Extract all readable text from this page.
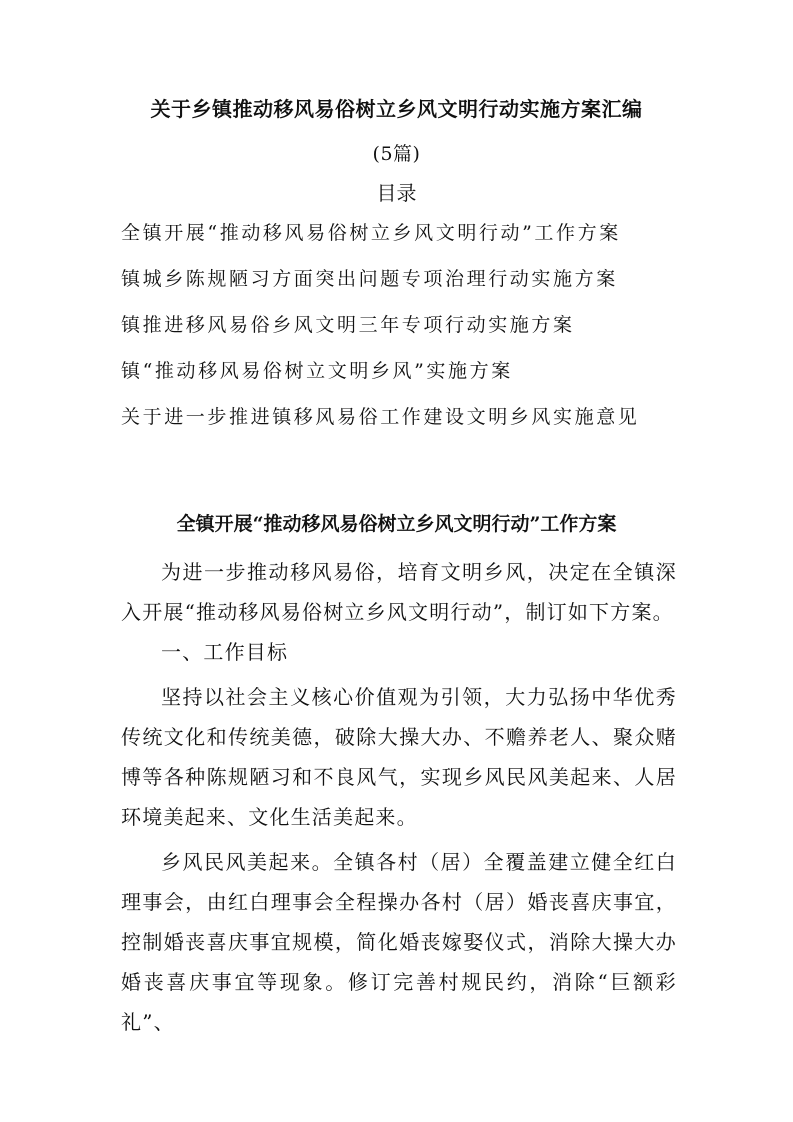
关于乡镇推动移风易俗树立乡风文明行动实施方案汇编
(5篇)
目录
全镇开展“推动移风易俗树立乡风文明行动”工作方案
镇城乡陈规陋习方面突出问题专项治理行动实施方案
镇推进移风易俗乡风文明三年专项行动实施方案
镇“推动移风易俗树立文明乡风”实施方案
关于进一步推进镇移风易俗工作建设文明乡风实施意见
全镇开展“推动移风易俗树立乡风文明行动”工作方案

为进一步推动移风易俗，培育文明乡风，决定在全镇深入开展“推动移风易俗树立乡风文明行动”，制订如下方案。

一、工作目标

坚持以社会主义核心价值观为引领，大力弘扬中华优秀传统文化和传统美德，破除大操大办、不赡养老人、聚众赌博等各种陈规陋习和不良风气，实现乡风民风美起来、人居环境美起来、文化生活美起来。

乡风民风美起来。全镇各村（居）全覆盖建立健全红白理事会，由红白理事会全程操办各村（居）婚丧喜庆事宜，控制婚丧喜庆事宜规模，简化婚丧嫁娶仪式，消除大操大办婚丧喜庆事宜等现象。修订完善村规民约，消除“巨额彩礼”、
